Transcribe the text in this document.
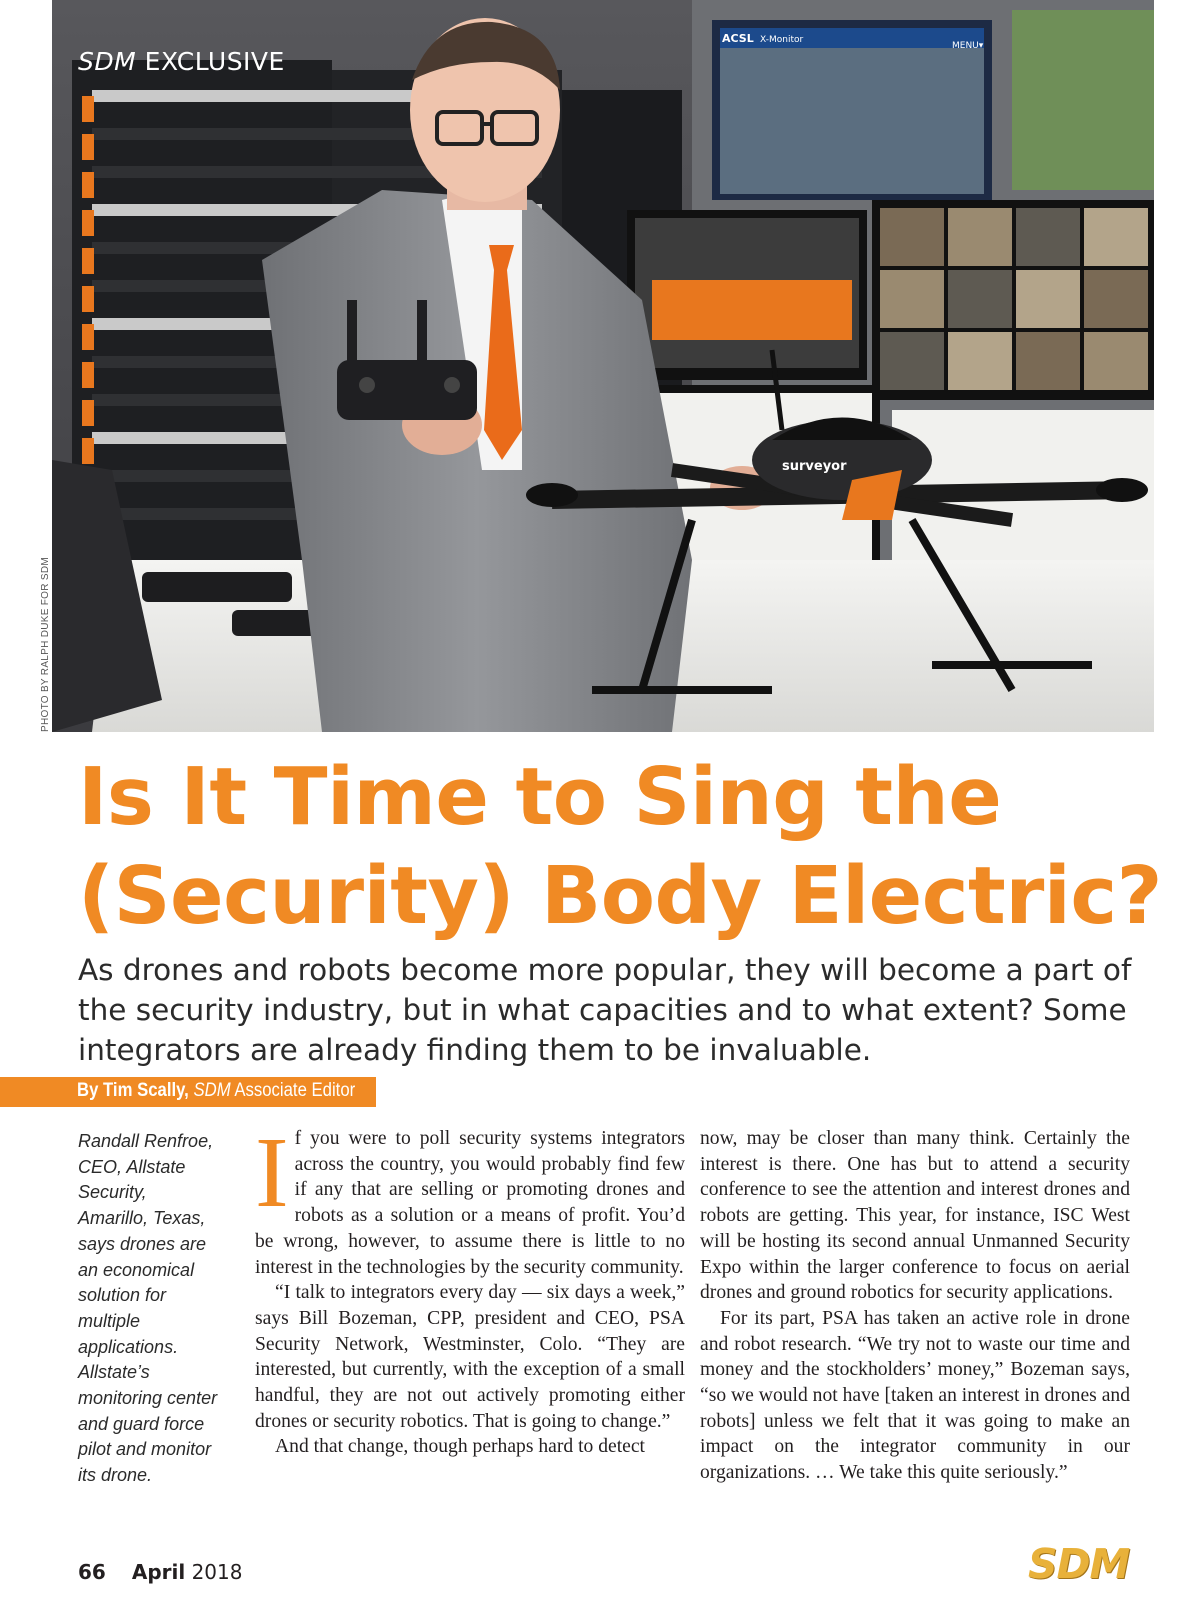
ACSL X-Monitor
MENU▾
surveyor
SDM EXCLUSIVE
PHOTO BY RALPH DUKE FOR SDM
Is It Time to Sing the
(Security) Body Electric?

As drones and robots become more popular, they will become a part of the security industry, but in what capacities and to what extent? Some integrators are already finding them to be invaluable.

By Tim Scally, SDM Associate Editor
Randall Renfroe,
CEO, Allstate
Security,
Amarillo, Texas,
says drones are
an economical
solution for
multiple
applications.
Allstate’s
monitoring center
and guard force
pilot and monitor
its drone.
I f you were to poll security systems integrators across the country, you would probably find few if any that are selling or promoting drones and robots as a solution or a means of profit. You’d be wrong, however, to assume there is little to no interest in the technologies by the security community.

“I talk to integrators every day — six days a week,” says Bill Bozeman, CPP, president and CEO, PSA Security Network, Westminster, Colo. “They are interested, but currently, with the exception of a small handful, they are not out actively promoting either drones or security robotics. That is going to change.”

And that change, though perhaps hard to detect

now, may be closer than many think. Certainly the interest is there. One has but to attend a security conference to see the attention and interest drones and robots are getting. This year, for instance, ISC West will be hosting its second annual Unmanned Security Expo within the larger conference to focus on aerial drones and ground robotics for security applications.

For its part, PSA has taken an active role in drone and robot research. “We try not to waste our time and money and the stockholders’ money,” Bozeman says, “so we would not have [taken an interest in drones and robots] unless we felt that it was going to make an impact on the integrator community in our organizations. … We take this quite seriously.”

66 April 2018	SDM
